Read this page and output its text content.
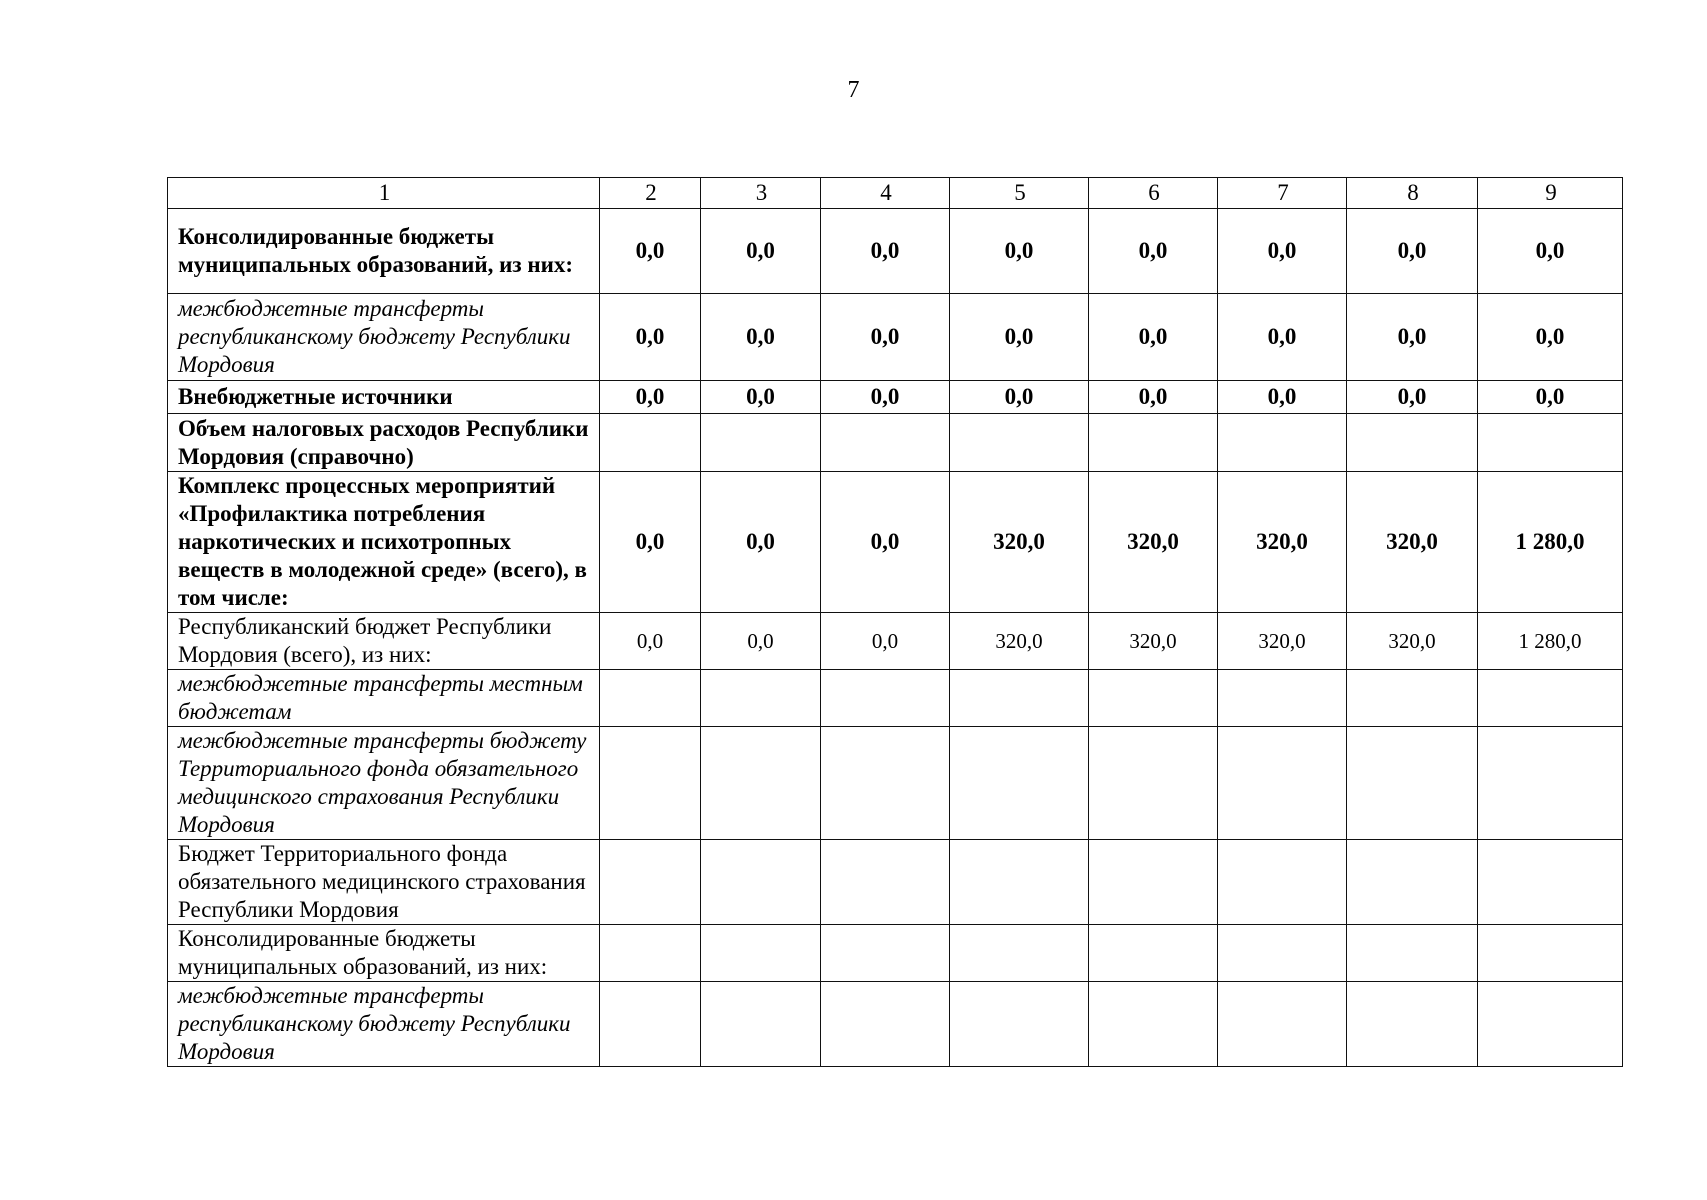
7
1	2	3	4	5	6	7	8	9
Консолидированные бюджеты муниципальных образований, из них:	0,0	0,0	0,0	0,0	0,0	0,0	0,0	0,0
межбюджетные трансферты республиканскому бюджету Республики Мордовия	0,0	0,0	0,0	0,0	0,0	0,0	0,0	0,0
Внебюджетные источники	0,0	0,0	0,0	0,0	0,0	0,0	0,0	0,0
Объем налоговых расходов Республики Мордовия (справочно)								
Комплекс процессных мероприятий «Профилактика потребления наркотических и психотропных веществ в молодежной среде» (всего), в том числе:	0,0	0,0	0,0	320,0	320,0	320,0	320,0	1 280,0
Республиканский бюджет Республики Мордовия (всего), из них:	0,0	0,0	0,0	320,0	320,0	320,0	320,0	1 280,0
межбюджетные трансферты местным бюджетам								
межбюджетные трансферты бюджету Территориального фонда обязательного медицинского страхования Республики Мордовия								
Бюджет Территориального фонда обязательного медицинского страхования Республики Мордовия								
Консолидированные бюджеты муниципальных образований, из них:								
межбюджетные трансферты республиканскому бюджету Республики Мордовия								
